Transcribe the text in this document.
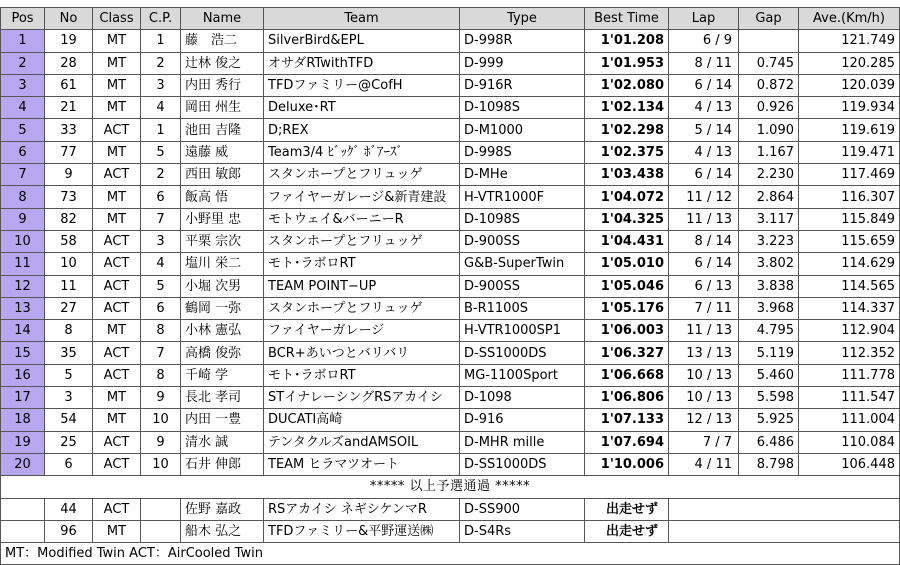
Pos	No	Class	C.P.	Name	Team	Type	Best Time	Lap	Gap	Ave.(Km/h)
1	19	MT	1	藤　浩二	SilverBird&EPL	D-998R	1'01.208	6 / 9		121.749
2	28	MT	2	辻林 俊之	オサダRTwithTFD	D-999	1'01.953	8 / 11	0.745	120.285
3	61	MT	3	内田 秀行	TFDファミリー@CofH	D-916R	1'02.080	6 / 14	0.872	120.039
4	21	MT	4	岡田 州生	Deluxe･RT	D-1098S	1'02.134	4 / 13	0.926	119.934
5	33	ACT	1	池田 吉隆	D;REX	D-M1000	1'02.298	5 / 14	1.090	119.619
6	77	MT	5	遠藤 威	Team3/4 ﾋﾞｯｸﾞ ﾎﾞｱｰｽﾞ	D-998S	1'02.375	4 / 13	1.167	119.471
7	9	ACT	2	西田 敏郎	スタンホープとフリュッゲ	D-MHe	1'03.438	6 / 14	2.230	117.469
8	73	MT	6	飯高 悟	ファイヤーガレージ&新青建設	H-VTR1000F	1'04.072	11 / 12	2.864	116.307
9	82	MT	7	小野里 忠	モトウェイ&バーニーR	D-1098S	1'04.325	11 / 13	3.117	115.849
10	58	ACT	3	平栗 宗次	スタンホープとフリュッゲ	D-900SS	1'04.431	8 / 14	3.223	115.659
11	10	ACT	4	塩川 栄二	モト･ラボロRT	G&B-SuperTwin	1'05.010	6 / 14	3.802	114.629
12	11	ACT	5	小堀 次男	TEAM POINT−UP	D-900SS	1'05.046	6 / 13	3.838	114.565
13	27	ACT	6	鶴岡 一弥	スタンホープとフリュッゲ	B-R1100S	1'05.176	7 / 11	3.968	114.337
14	8	MT	8	小林 憲弘	ファイヤーガレージ	H-VTR1000SP1	1'06.003	11 / 13	4.795	112.904
15	35	ACT	7	高橋 俊弥	BCR+あいつとバリバリ	D-SS1000DS	1'06.327	13 / 13	5.119	112.352
16	5	ACT	8	千崎 学	モト･ラボロRT	MG-1100Sport	1'06.668	10 / 13	5.460	111.778
17	3	MT	9	長北 孝司	STイナレーシングRSアカイシ	D-1098	1'06.806	10 / 13	5.598	111.547
18	54	MT	10	内田 一豊	DUCATI高崎	D-916	1'07.133	12 / 13	5.925	111.004
19	25	ACT	9	清水 誠	テンタクルズandAMSOIL	D-MHR mille	1'07.694	7 / 7	6.486	110.084
20	6	ACT	10	石井 伸郎	TEAM ヒラマツオート	D-SS1000DS	1'10.006	4 / 11	8.798	106.448
***** 以上予選通過 *****										
	44	ACT		佐野 嘉政	RSアカイシ ネギシケンマR	D-SS900	出走せず			
	96	MT		船木 弘之	TFDファミリー&平野運送㈱	D-S4Rs	出走せず			
MT：Modified Twin ACT：AirCooled Twin										
